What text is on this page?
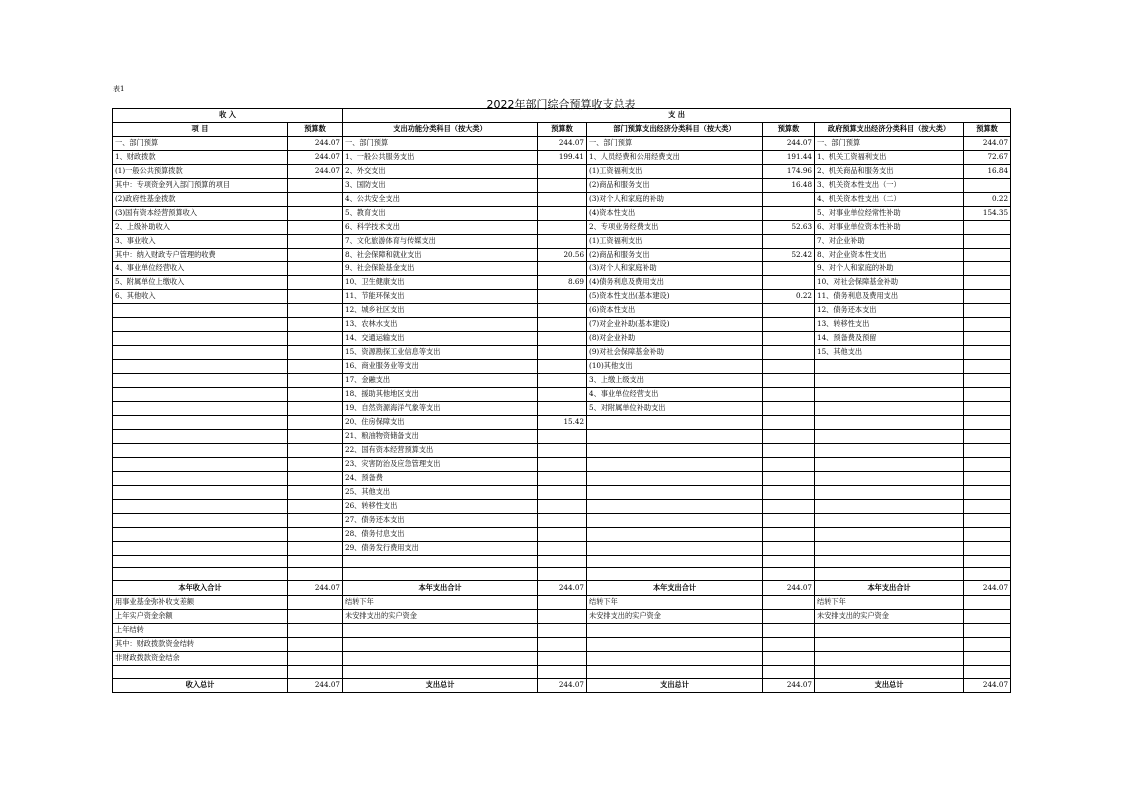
表1
2022年部门综合预算收支总表
收 入		支 出					
项 目	预算数	支出功能分类科目（按大类）	预算数	部门预算支出经济分类科目（按大类）	预算数	政府预算支出经济分类科目（按大类）	预算数
一、部门预算	244.07	一、部门预算	244.07	一、部门预算	244.07	一、部门预算	244.07
1、财政拨款	244.07	1、一般公共服务支出	199.41	1、人员经费和公用经费支出	191.44	1、机关工资福利支出	72.67
(1)一般公共预算拨款	244.07	2、外交支出		(1)工资福利支出	174.96	2、机关商品和服务支出	16.84
其中：专项资金列入部门预算的项目		3、国防支出		(2)商品和服务支出	16.48	3、机关资本性支出（一）	
(2)政府性基金拨款		4、公共安全支出		(3)对个人和家庭的补助		4、机关资本性支出（二）	0.22
(3)国有资本经营预算收入		5、教育支出		(4)资本性支出		5、对事业单位经常性补助	154.35
2、上级补助收入		6、科学技术支出		2、专项业务经费支出	52.63	6、对事业单位资本性补助	
3、事业收入		7、文化旅游体育与传媒支出		(1)工资福利支出		7、对企业补助	
其中：纳入财政专户管理的收费		8、社会保障和就业支出	20.56	(2)商品和服务支出	52.42	8、对企业资本性支出	
4、事业单位经营收入		9、社会保险基金支出		(3)对个人和家庭补助		9、对个人和家庭的补助	
5、附属单位上缴收入		10、卫生健康支出	8.69	(4)债务利息及费用支出		10、对社会保障基金补助	
6、其他收入		11、节能环保支出		(5)资本性支出(基本建设)	0.22	11、债务利息及费用支出	
		12、城乡社区支出		(6)资本性支出		12、债务还本支出	
		13、农林水支出		(7)对企业补助(基本建设)		13、转移性支出	
		14、交通运输支出		(8)对企业补助		14、预备费及预留	
		15、资源勘探工业信息等支出		(9)对社会保障基金补助		15、其他支出	
		16、商业服务业等支出		(10)其他支出			
		17、金融支出		3、上缴上级支出			
		18、援助其他地区支出		4、事业单位经营支出			
		19、自然资源海洋气象等支出		5、对附属单位补助支出			
		20、住房保障支出	15.42				
		21、粮油物资储备支出					
		22、国有资本经营预算支出					
		23、灾害防治及应急管理支出					
		24、预备费					
		25、其他支出					
		26、转移性支出					
		27、债务还本支出					
		28、债务付息支出					
		29、债务发行费用支出					

本年收入合计	244.07	本年支出合计	244.07	本年支出合计	244.07	本年支出合计	244.07
用事业基金弥补收支差额		结转下年		结转下年		结转下年	
上年实户资金余额		未安排支出的实户资金		未安排支出的实户资金		未安排支出的实户资金	
上年结转							
其中：财政拨款资金结转							
非财政拨款资金结余							

收入总计	244.07	支出总计	244.07	支出总计	244.07	支出总计	244.07
